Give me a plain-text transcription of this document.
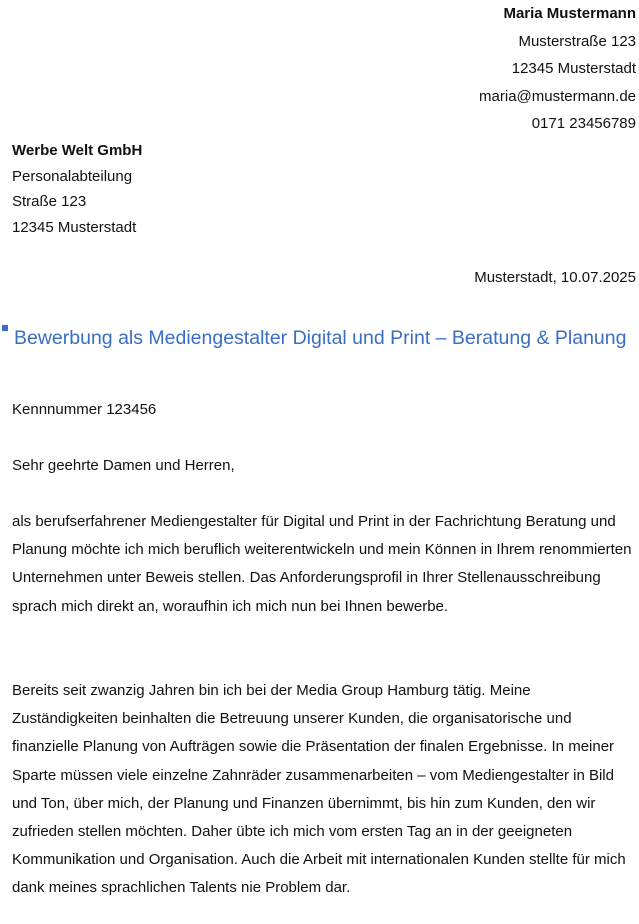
Maria Mustermann
Musterstraße 123
12345 Musterstadt
maria@mustermann.de
0171 23456789
Werbe Welt GmbH
Personalabteilung
Straße 123
12345 Musterstadt
Musterstadt, 10.07.2025
Bewerbung als Mediengestalter Digital und Print – Beratung & Planung
Kennnummer 123456
Sehr geehrte Damen und Herren,

als berufserfahrener Mediengestalter für Digital und Print in der Fachrichtung Beratung und Planung möchte ich mich beruflich weiterentwickeln und mein Können in Ihrem renommierten Unternehmen unter Beweis stellen. Das Anforderungsprofil in Ihrer Stellenausschreibung sprach mich direkt an, woraufhin ich mich nun bei Ihnen bewerbe.

Bereits seit zwanzig Jahren bin ich bei der Media Group Hamburg tätig. Meine Zuständigkeiten beinhalten die Betreuung unserer Kunden, die organisatorische und finanzielle Planung von Aufträgen sowie die Präsentation der finalen Ergebnisse. In meiner Sparte müssen viele einzelne Zahnräder zusammenarbeiten – vom Mediengestalter in Bild und Ton, über mich, der Planung und Finanzen übernimmt, bis hin zum Kunden, den wir zufrieden stellen möchten. Daher übte ich mich vom ersten Tag an in der geeigneten Kommunikation und Organisation. Auch die Arbeit mit internationalen Kunden stellte für mich dank meines sprachlichen Talents nie Problem dar.
